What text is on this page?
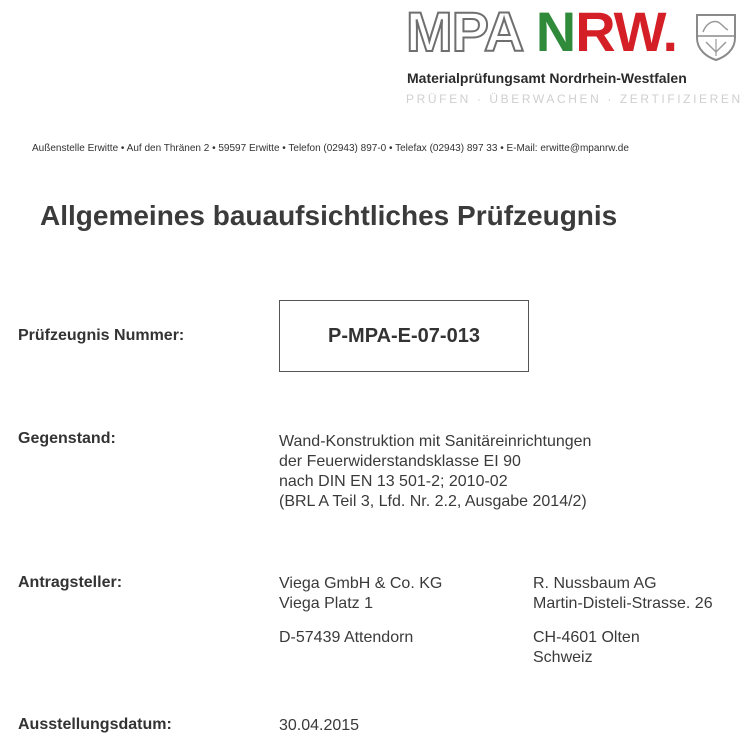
MPA NRW.
Materialprüfungsamt Nordrhein-Westfalen
PRÜFEN · ÜBERWACHEN · ZERTIFIZIEREN
Außenstelle Erwitte • Auf den Thränen 2 • 59597 Erwitte • Telefon (02943) 897-0 • Telefax (02943) 897 33 • E-Mail: erwitte@mpanrw.de
Allgemeines bauaufsichtliches Prüfzeugnis
Prüfzeugnis Nummer:	P-MPA-E-07-013
Gegenstand:	Wand-Konstruktion mit Sanitäreinrichtungen
der Feuerwiderstandsklasse EI 90
nach DIN EN 13 501-2; 2010-02
(BRL A Teil 3, Lfd. Nr. 2.2, Ausgabe 2014/2)
Antragsteller:	Viega GmbH & Co. KG
Viega Platz 1
D-57439 Attendorn
R. Nussbaum AG
Martin-Disteli-Strasse. 26
CH-4601 Olten
Schweiz
Ausstellungsdatum:	30.04.2015
